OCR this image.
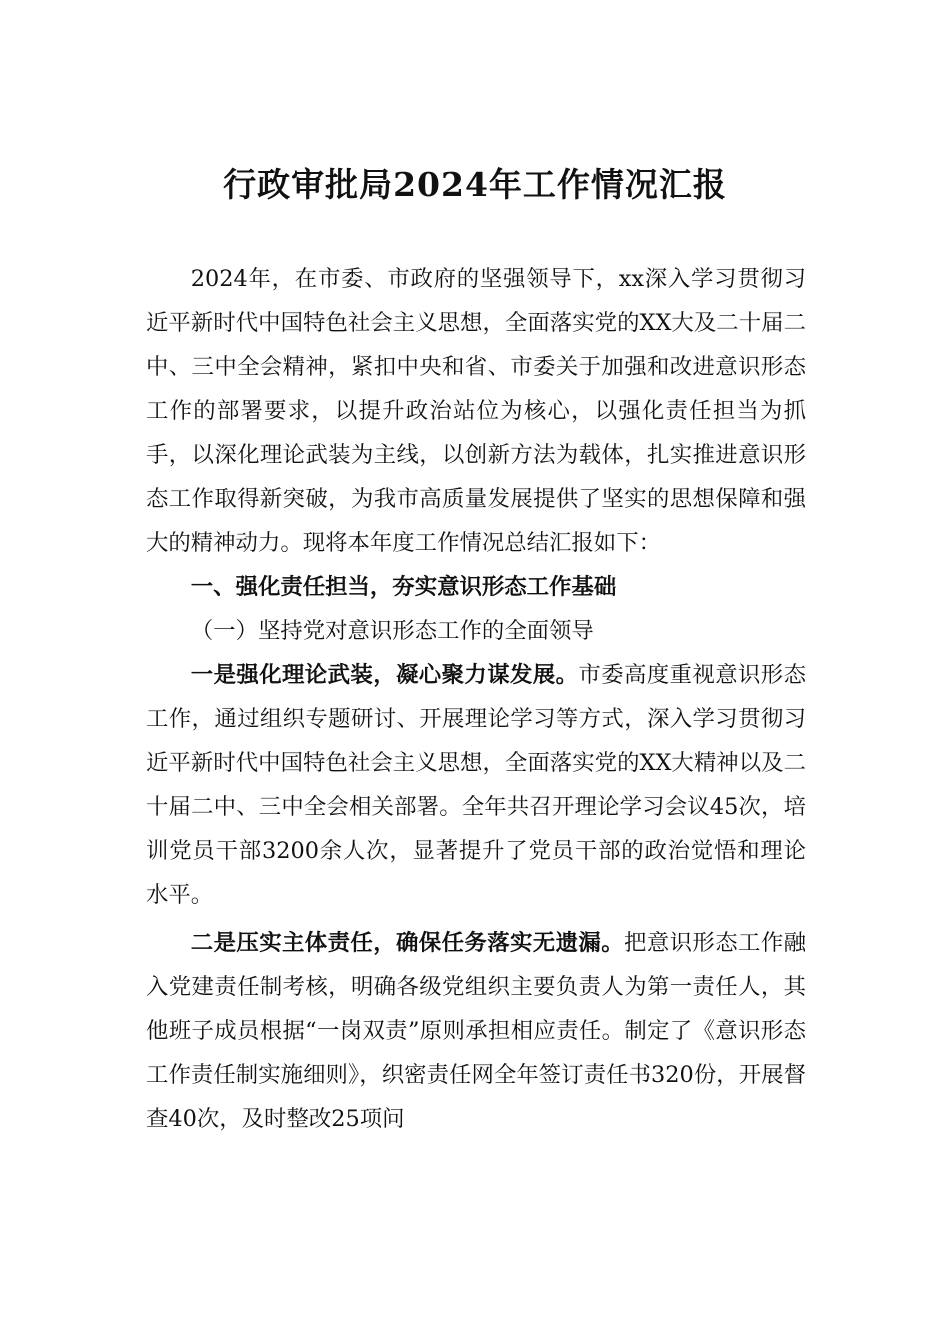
行政审批局2024年工作情况汇报

2024年，在市委、市政府的坚强领导下，xx深入学习贯彻习近平新时代中国特色社会主义思想，全面落实党的XX大及二十届二中、三中全会精神，紧扣中央和省、市委关于加强和改进意识形态工作的部署要求，以提升政治站位为核心，以强化责任担当为抓手，以深化理论武装为主线，以创新方法为载体，扎实推进意识形态工作取得新突破，为我市高质量发展提供了坚实的思想保障和强大的精神动力。现将本年度工作情况总结汇报如下：

一、强化责任担当，夯实意识形态工作基础

（一）坚持党对意识形态工作的全面领导

一是强化理论武装，凝心聚力谋发展。市委高度重视意识形态工作，通过组织专题研讨、开展理论学习等方式，深入学习贯彻习近平新时代中国特色社会主义思想，全面落实党的XX大精神以及二十届二中、三中全会相关部署。全年共召开理论学习会议45次，培训党员干部3200余人次，显著提升了党员干部的政治觉悟和理论水平。

二是压实主体责任，确保任务落实无遗漏。把意识形态工作融入党建责任制考核，明确各级党组织主要负责人为第一责任人，其他班子成员根据“一岗双责”原则承担相应责任。制定了《意识形态工作责任制实施细则》，织密责任网全年签订责任书320份，开展督查40次，及时整改25项问
